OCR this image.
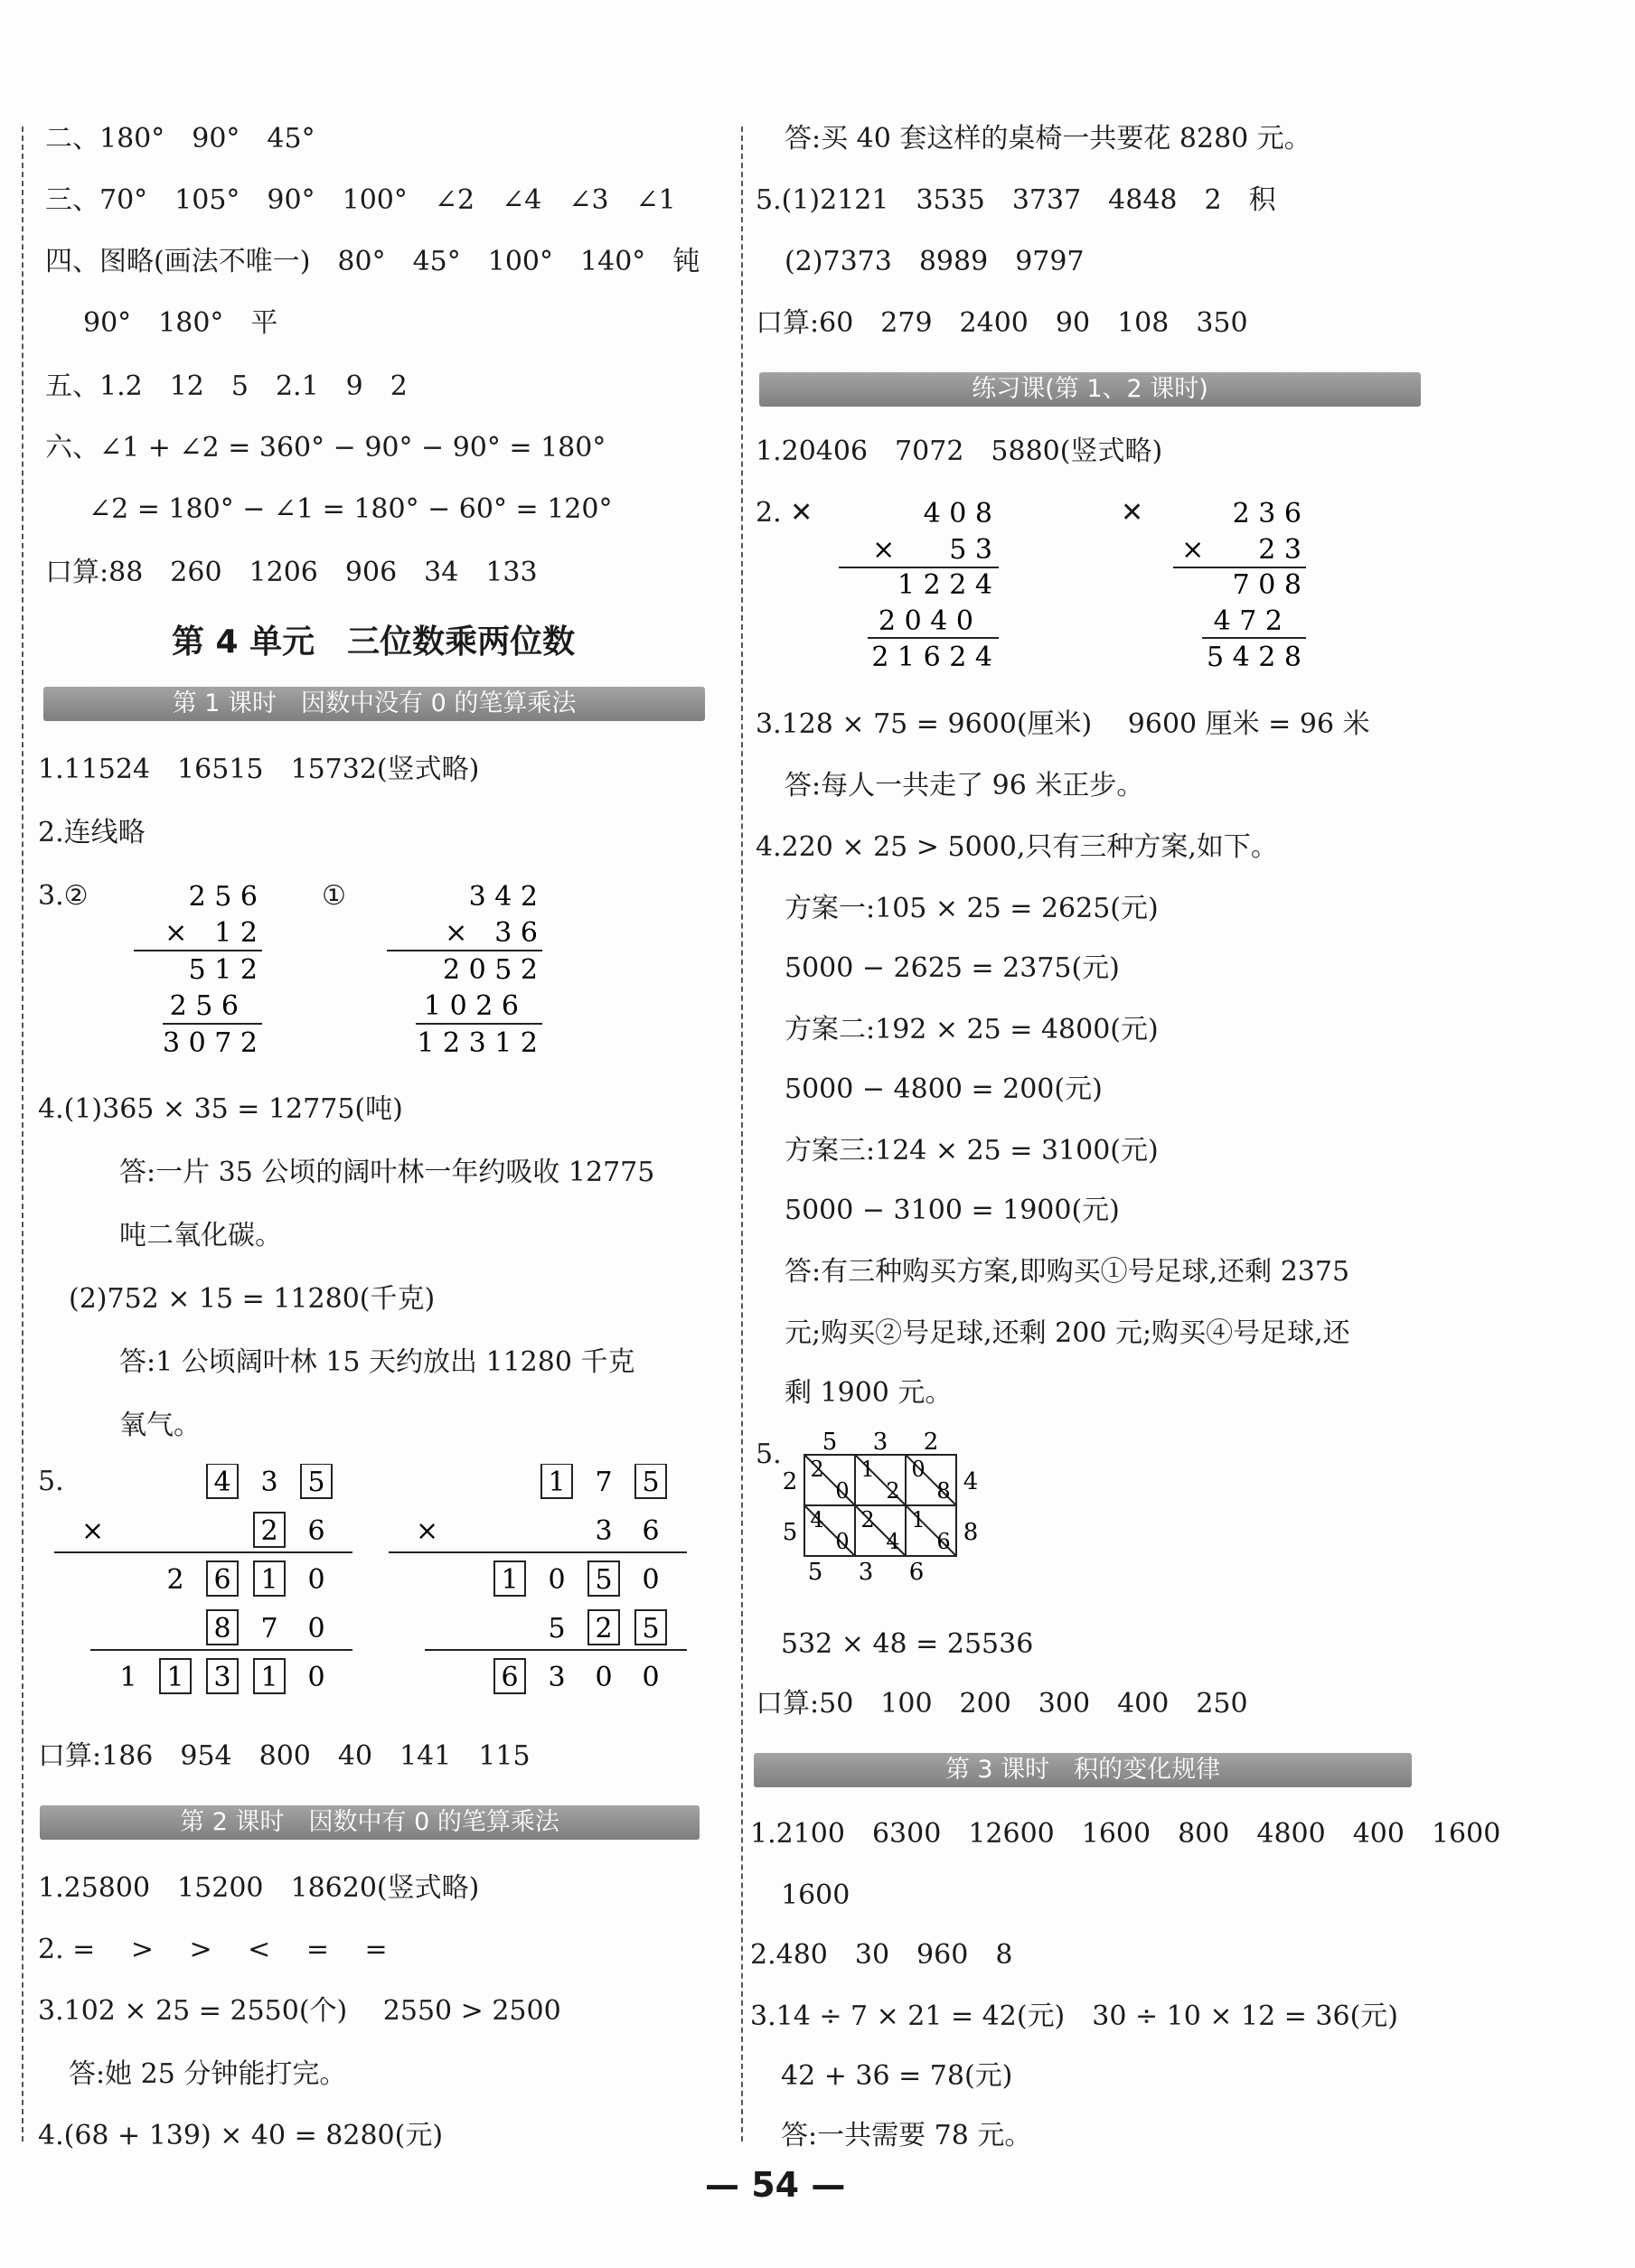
二、180°　90°　45°
三、70°　105°　90°　100°　∠2　∠4　∠3　∠1
四、图略(画法不唯一)　80°　45°　100°　140°　钝
90°　180°　平
五、1.2　12　5　2.1　9　2
六、∠1 + ∠2 = 360° − 90° − 90° = 180°
∠2 = 180° − ∠1 = 180° − 60° = 120°
口算:88　260　1206　906　34　133
第 4 单元　三位数乘两位数
第 1 课时　因数中没有 0 的笔算乘法
1.11524　16515　15732(竖式略)
2.连线略
3.②	①
2 5 6
×　1 2
5 1 2
2 5 6
3 0 7 2
3 4 2
×　3 6
2 0 5 2
1 0 2 6
1 2 3 1 2
4.(1)365 × 35 = 12775(吨)
答:一片 35 公顷的阔叶林一年约吸收 12775
吨二氧化碳。
(2)752 × 15 = 11280(千克)
答:1 公顷阔叶林 15 天约放出 11280 千克
氧气。
5.
×
4 3 5
2 6
2 6 1 0
8 7 0
1 1 3 1 0
×
1 7 5
3 6
1 0 5 0
5 2 5
6 3 0 0
口算:186　954　800　40　141　115
第 2 课时　因数中有 0 的笔算乘法
1.25800　15200　18620(竖式略)
2. =　 >　 >　 <　 =　 =
3.102 × 25 = 2550(个)　 2550 > 2500
答:她 25 分钟能打完。
4.(68 + 139) × 40 = 8280(元)
答:买 40 套这样的桌椅一共要花 8280 元。
5.(1)2121　3535　3737　4848　2　积
(2)7373　8989　9797
口算:60　279　2400　90　108　350
练习课(第 1、2 课时)
1.20406　7072　5880(竖式略)
2. ✕	✕
4 0 8
×　　5 3
1 2 2 4
2 0 4 0
2 1 6 2 4
2 3 6
×　　2 3
7 0 8
4 7 2
5 4 2 8
3.128 × 75 = 9600(厘米)　 9600 厘米 = 96 米
答:每人一共走了 96 米正步。
4.220 × 25 > 5000,只有三种方案,如下。
方案一:105 × 25 = 2625(元)
5000 − 2625 = 2375(元)
方案二:192 × 25 = 4800(元)
5000 − 4800 = 200(元)
方案三:124 × 25 = 3100(元)
5000 − 3100 = 1900(元)
答:有三种购买方案,即购买①号足球,还剩 2375
元;购买②号足球,还剩 200 元;购买④号足球,还
剩 1900 元。
5. 2
0
1
2
0
8
4
0
2
4
1
6
5 3 2
2
5
4
8
5 3 6
532 × 48 = 25536
口算:50　100　200　300　400　250
第 3 课时　积的变化规律
1.2100　6300　12600　1600　800　4800　400　1600
1600
2.480　30　960　8
3.14 ÷ 7 × 21 = 42(元)　30 ÷ 10 × 12 = 36(元)
42 + 36 = 78(元)
答:一共需要 78 元。
— 54 —
